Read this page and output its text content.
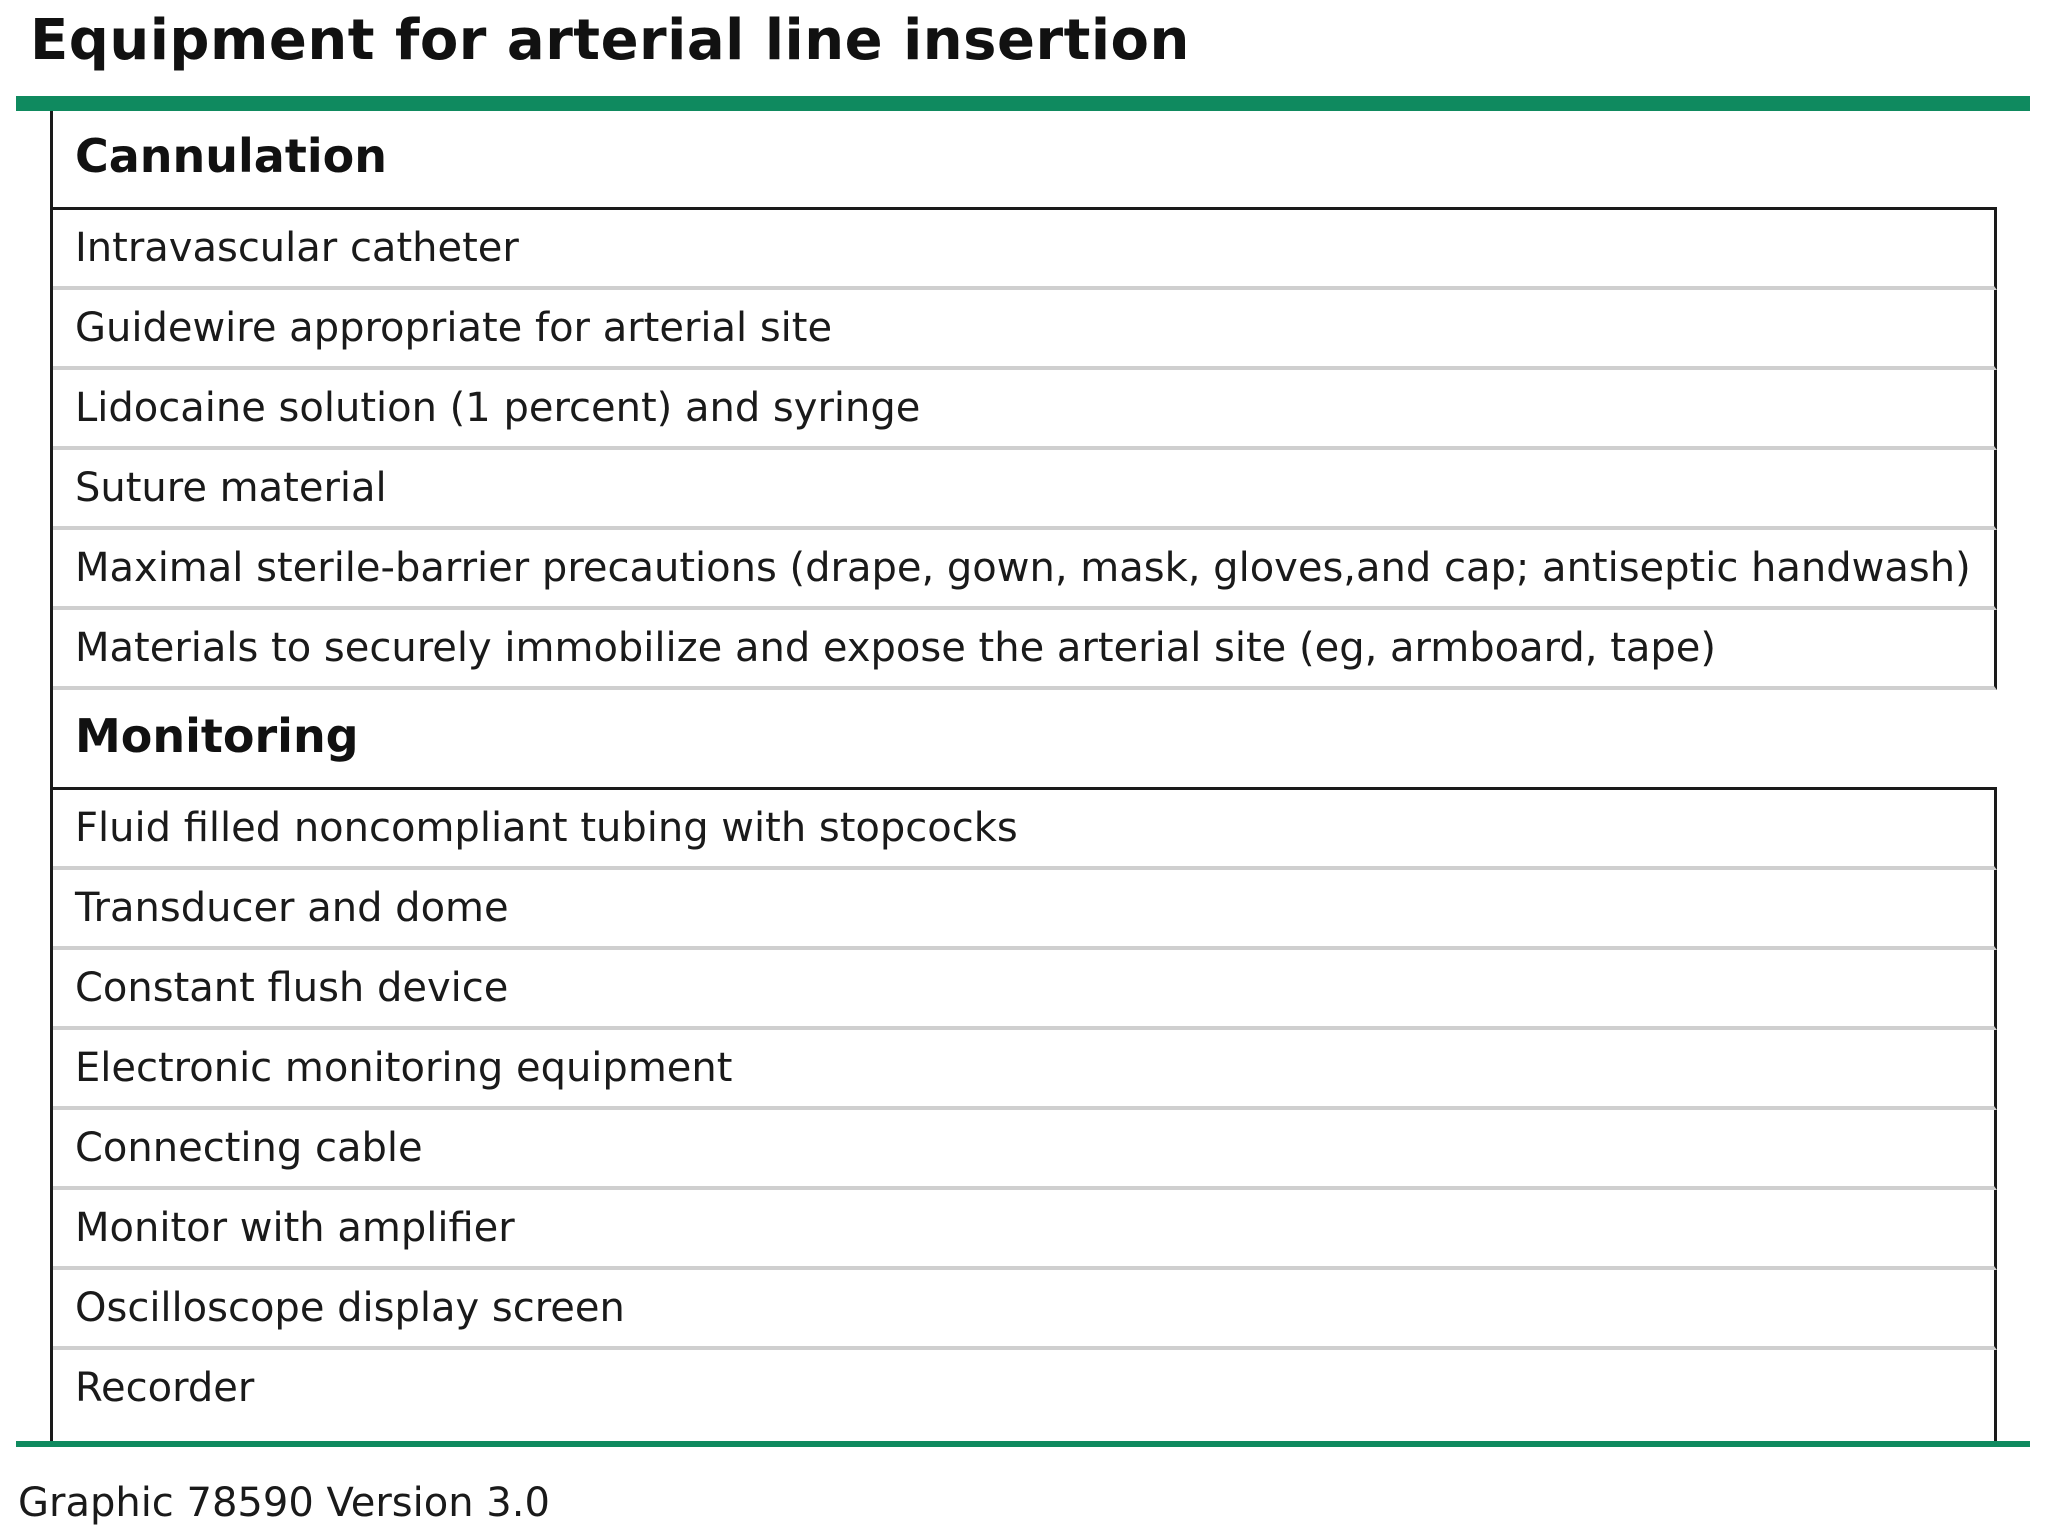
Equipment for arterial line insertion
Cannulation
Intravascular catheter
Guidewire appropriate for arterial site
Lidocaine solution (1 percent) and syringe
Suture material
Maximal sterile-barrier precautions (drape, gown, mask, gloves,and cap; antiseptic handwash)
Materials to securely immobilize and expose the arterial site (eg, armboard, tape)
Monitoring
Fluid filled noncompliant tubing with stopcocks
Transducer and dome
Constant flush device
Electronic monitoring equipment
Connecting cable
Monitor with amplifier
Oscilloscope display screen
Recorder
Graphic 78590 Version 3.0
